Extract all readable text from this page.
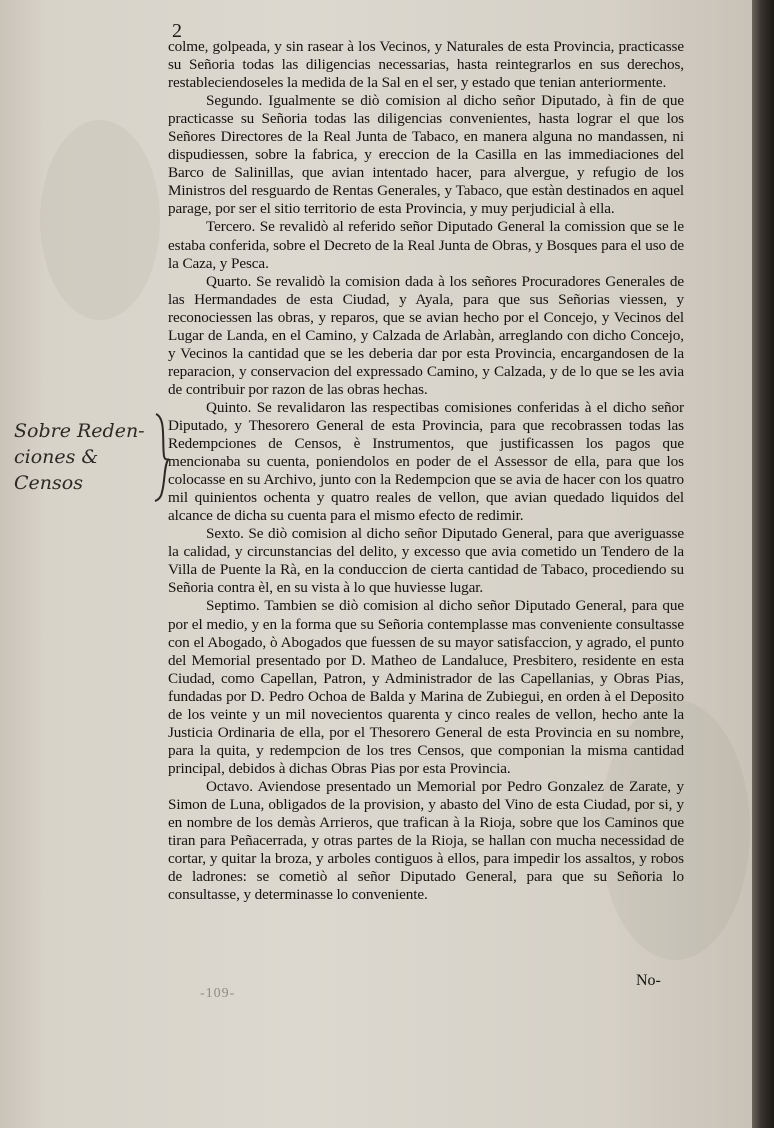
2
Sobre Reden-
ciones & Censos

colme, golpeada, y sin rasear à los Vecinos, y Naturales de esta Provincia, practicasse su Señoria todas las diligencias necessarias, hasta reintegrarlos en sus derechos, restableciendoseles la medida de la Sal en el ser, y estado que tenian anteriormente.

Segundo. Igualmente se diò comision al dicho señor Diputado, à fin de que practicasse su Señoria todas las diligencias convenientes, hasta lograr el que los Señores Directores de la Real Junta de Tabaco, en manera alguna no mandassen, ni dispudiessen, sobre la fabrica, y ereccion de la Casilla en las immediaciones del Barco de Salinillas, que avian intentado hacer, para alvergue, y refugio de los Ministros del resguardo de Rentas Generales, y Tabaco, que estàn destinados en aquel parage, por ser el sitio territorio de esta Provincia, y muy perjudicial à ella.

Tercero. Se revalidò al referido señor Diputado General la comission que se le estaba conferida, sobre el Decreto de la Real Junta de Obras, y Bosques para el uso de la Caza, y Pesca.

Quarto. Se revalidò la comision dada à los señores Procuradores Generales de las Hermandades de esta Ciudad, y Ayala, para que sus Señorias viessen, y reconociessen las obras, y reparos, que se avian hecho por el Concejo, y Vecinos del Lugar de Landa, en el Camino, y Calzada de Arlabàn, arreglando con dicho Concejo, y Vecinos la cantidad que se les deberia dar por esta Provincia, encargandosen de la reparacion, y conservacion del expressado Camino, y Calzada, y de lo que se les avia de contribuir por razon de las obras hechas.

Quinto. Se revalidaron las respectibas comisiones conferidas à el dicho señor Diputado, y Thesorero General de esta Provincia, para que recobrassen todas las Redempciones de Censos, è Instrumentos, que justificassen los pagos que mencionaba su cuenta, poniendolos en poder de el Assessor de ella, para que los colocasse en su Archivo, junto con la Redempcion que se avia de hacer con los quatro mil quinientos ochenta y quatro reales de vellon, que avian quedado liquidos del alcance de dicha su cuenta para el mismo efecto de redimir.

Sexto. Se diò comision al dicho señor Diputado General, para que averiguasse la calidad, y circunstancias del delito, y excesso que avia cometido un Tendero de la Villa de Puente la Rà, en la conduccion de cierta cantidad de Tabaco, procediendo su Señoria contra èl, en su vista à lo que huviesse lugar.

Septimo. Tambien se diò comision al dicho señor Diputado General, para que por el medio, y en la forma que su Señoria contemplasse mas conveniente consultasse con el Abogado, ò Abogados que fuessen de su mayor satisfaccion, y agrado, el punto del Memorial presentado por D. Matheo de Landaluce, Presbitero, residente en esta Ciudad, como Capellan, Patron, y Administrador de las Capellanias, y Obras Pias, fundadas por D. Pedro Ochoa de Balda y Marina de Zubiegui, en orden à el Deposito de los veinte y un mil novecientos quarenta y cinco reales de vellon, hecho ante la Justicia Ordinaria de ella, por el Thesorero General de esta Provincia en su nombre, para la quita, y redempcion de los tres Censos, que componian la misma cantidad principal, debidos à dichas Obras Pias por esta Provincia.

Octavo. Aviendose presentado un Memorial por Pedro Gonzalez de Zarate, y Simon de Luna, obligados de la provision, y abasto del Vino de esta Ciudad, por si, y en nombre de los demàs Arrieros, que trafican à la Rioja, sobre que los Caminos que tiran para Peñacerrada, y otras partes de la Rioja, se hallan con mucha necessidad de cortar, y quitar la broza, y arboles contiguos à ellos, para impedir los assaltos, y robos de ladrones: se cometiò al señor Diputado General, para que su Señoria lo consultasse, y determinasse lo conveniente.

-109-
No-
